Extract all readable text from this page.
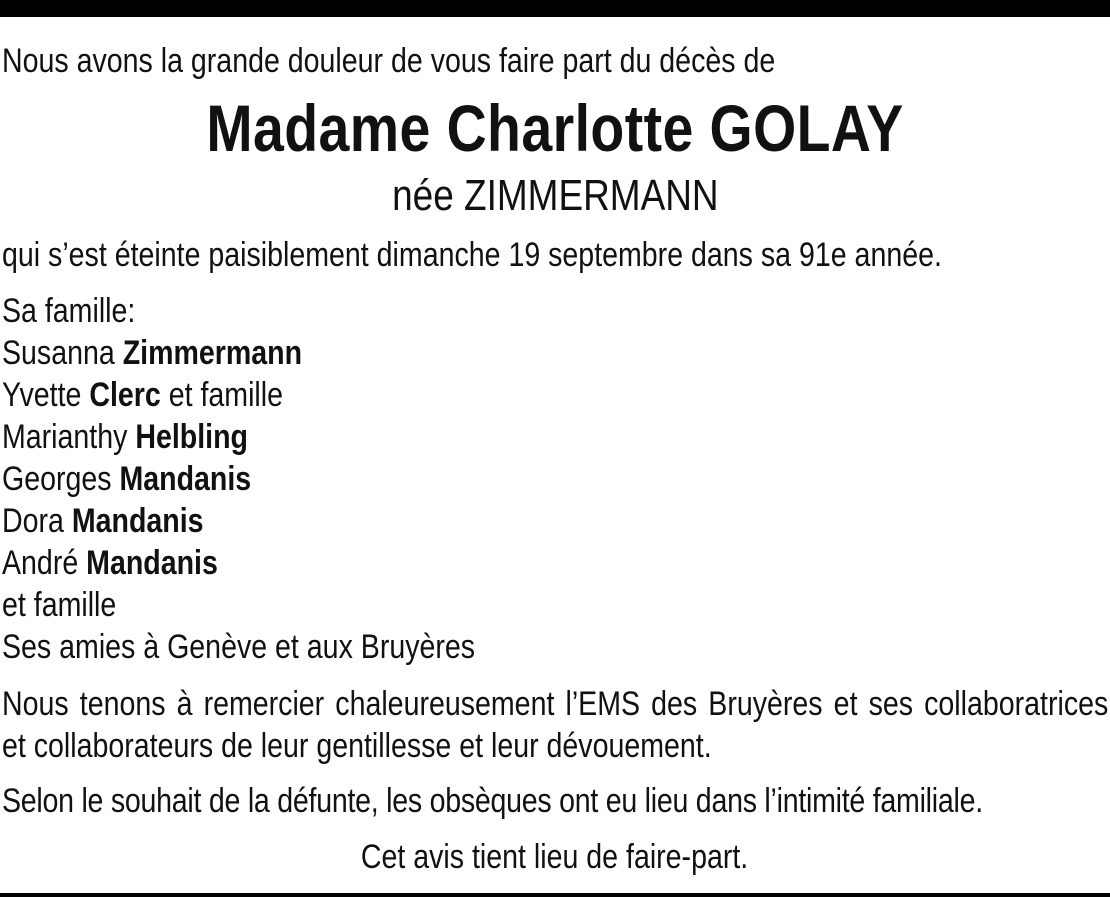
Nous avons la grande douleur de vous faire part du décès de
Madame Charlotte GOLAY
née ZIMMERMANN
qui s’est éteinte paisiblement dimanche 19 septembre dans sa 91e année.
Sa famille:
Susanna Zimmermann
Yvette Clerc et famille
Marianthy Helbling
Georges Mandanis
Dora Mandanis
André Mandanis
et famille
Ses amies à Genève et aux Bruyères
Nous tenons à remercier chaleureusement l’EMS des Bruyères et ses collaboratrices et collaborateurs de leur gentillesse et leur dévouement.
Selon le souhait de la défunte, les obsèques ont eu lieu dans l’intimité familiale.
Cet avis tient lieu de faire-part.
